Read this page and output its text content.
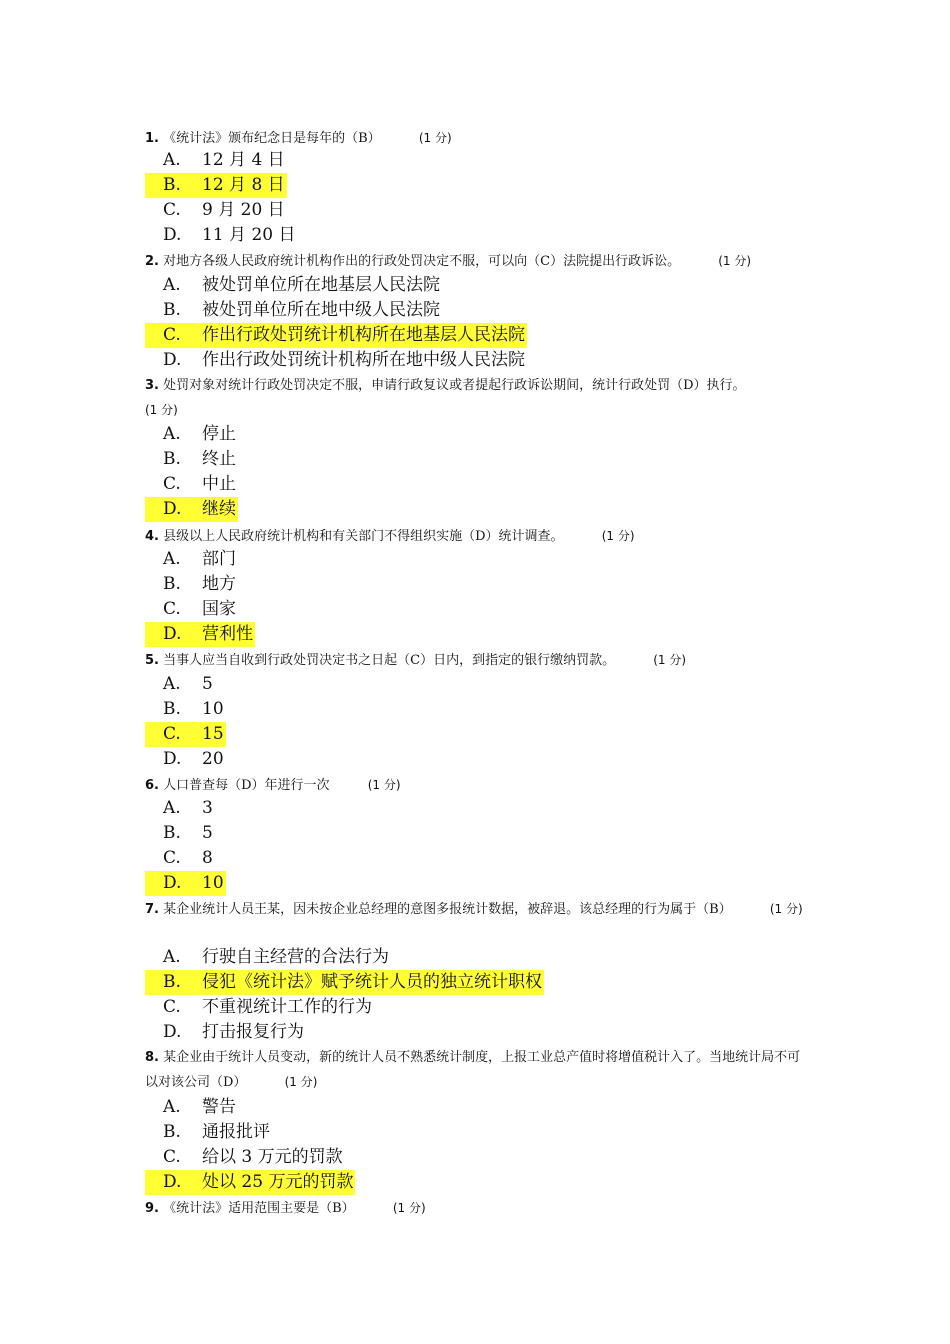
1. 《统计法》颁布纪念日是每年的（B）	(1 分)
A. 12 月 4 日
B. 12 月 8 日
C. 9 月 20 日
D. 11 月 20 日
2. 对地方各级人民政府统计机构作出的行政处罚决定不服，可以向（C）法院提出行政诉讼。	(1 分)
A. 被处罚单位所在地基层人民法院
B. 被处罚单位所在地中级人民法院
C. 作出行政处罚统计机构所在地基层人民法院
D. 作出行政处罚统计机构所在地中级人民法院
3. 处罚对象对统计行政处罚决定不服，申请行政复议或者提起行政诉讼期间，统计行政处罚（D）执行。
(1 分)
A. 停止
B. 终止
C. 中止
D. 继续
4. 县级以上人民政府统计机构和有关部门不得组织实施（D）统计调查。	(1 分)
A. 部门
B. 地方
C. 国家
D. 营利性
5. 当事人应当自收到行政处罚决定书之日起（C）日内，到指定的银行缴纳罚款。	(1 分)
A. 5
B. 10
C. 15
D. 20
6. 人口普查每（D）年进行一次	(1 分)
A. 3
B. 5
C. 8
D. 10
7. 某企业统计人员王某，因未按企业总经理的意图多报统计数据，被辞退。该总经理的行为属于（B）	(1 分)
A. 行驶自主经营的合法行为
B. 侵犯《统计法》赋予统计人员的独立统计职权
C. 不重视统计工作的行为
D. 打击报复行为
8. 某企业由于统计人员变动，新的统计人员不熟悉统计制度，上报工业总产值时将增值税计入了。当地统计局不可以对该公司（D）	(1 分)
A. 警告
B. 通报批评
C. 给以 3 万元的罚款
D. 处以 25 万元的罚款
9. 《统计法》适用范围主要是（B）	(1 分)
